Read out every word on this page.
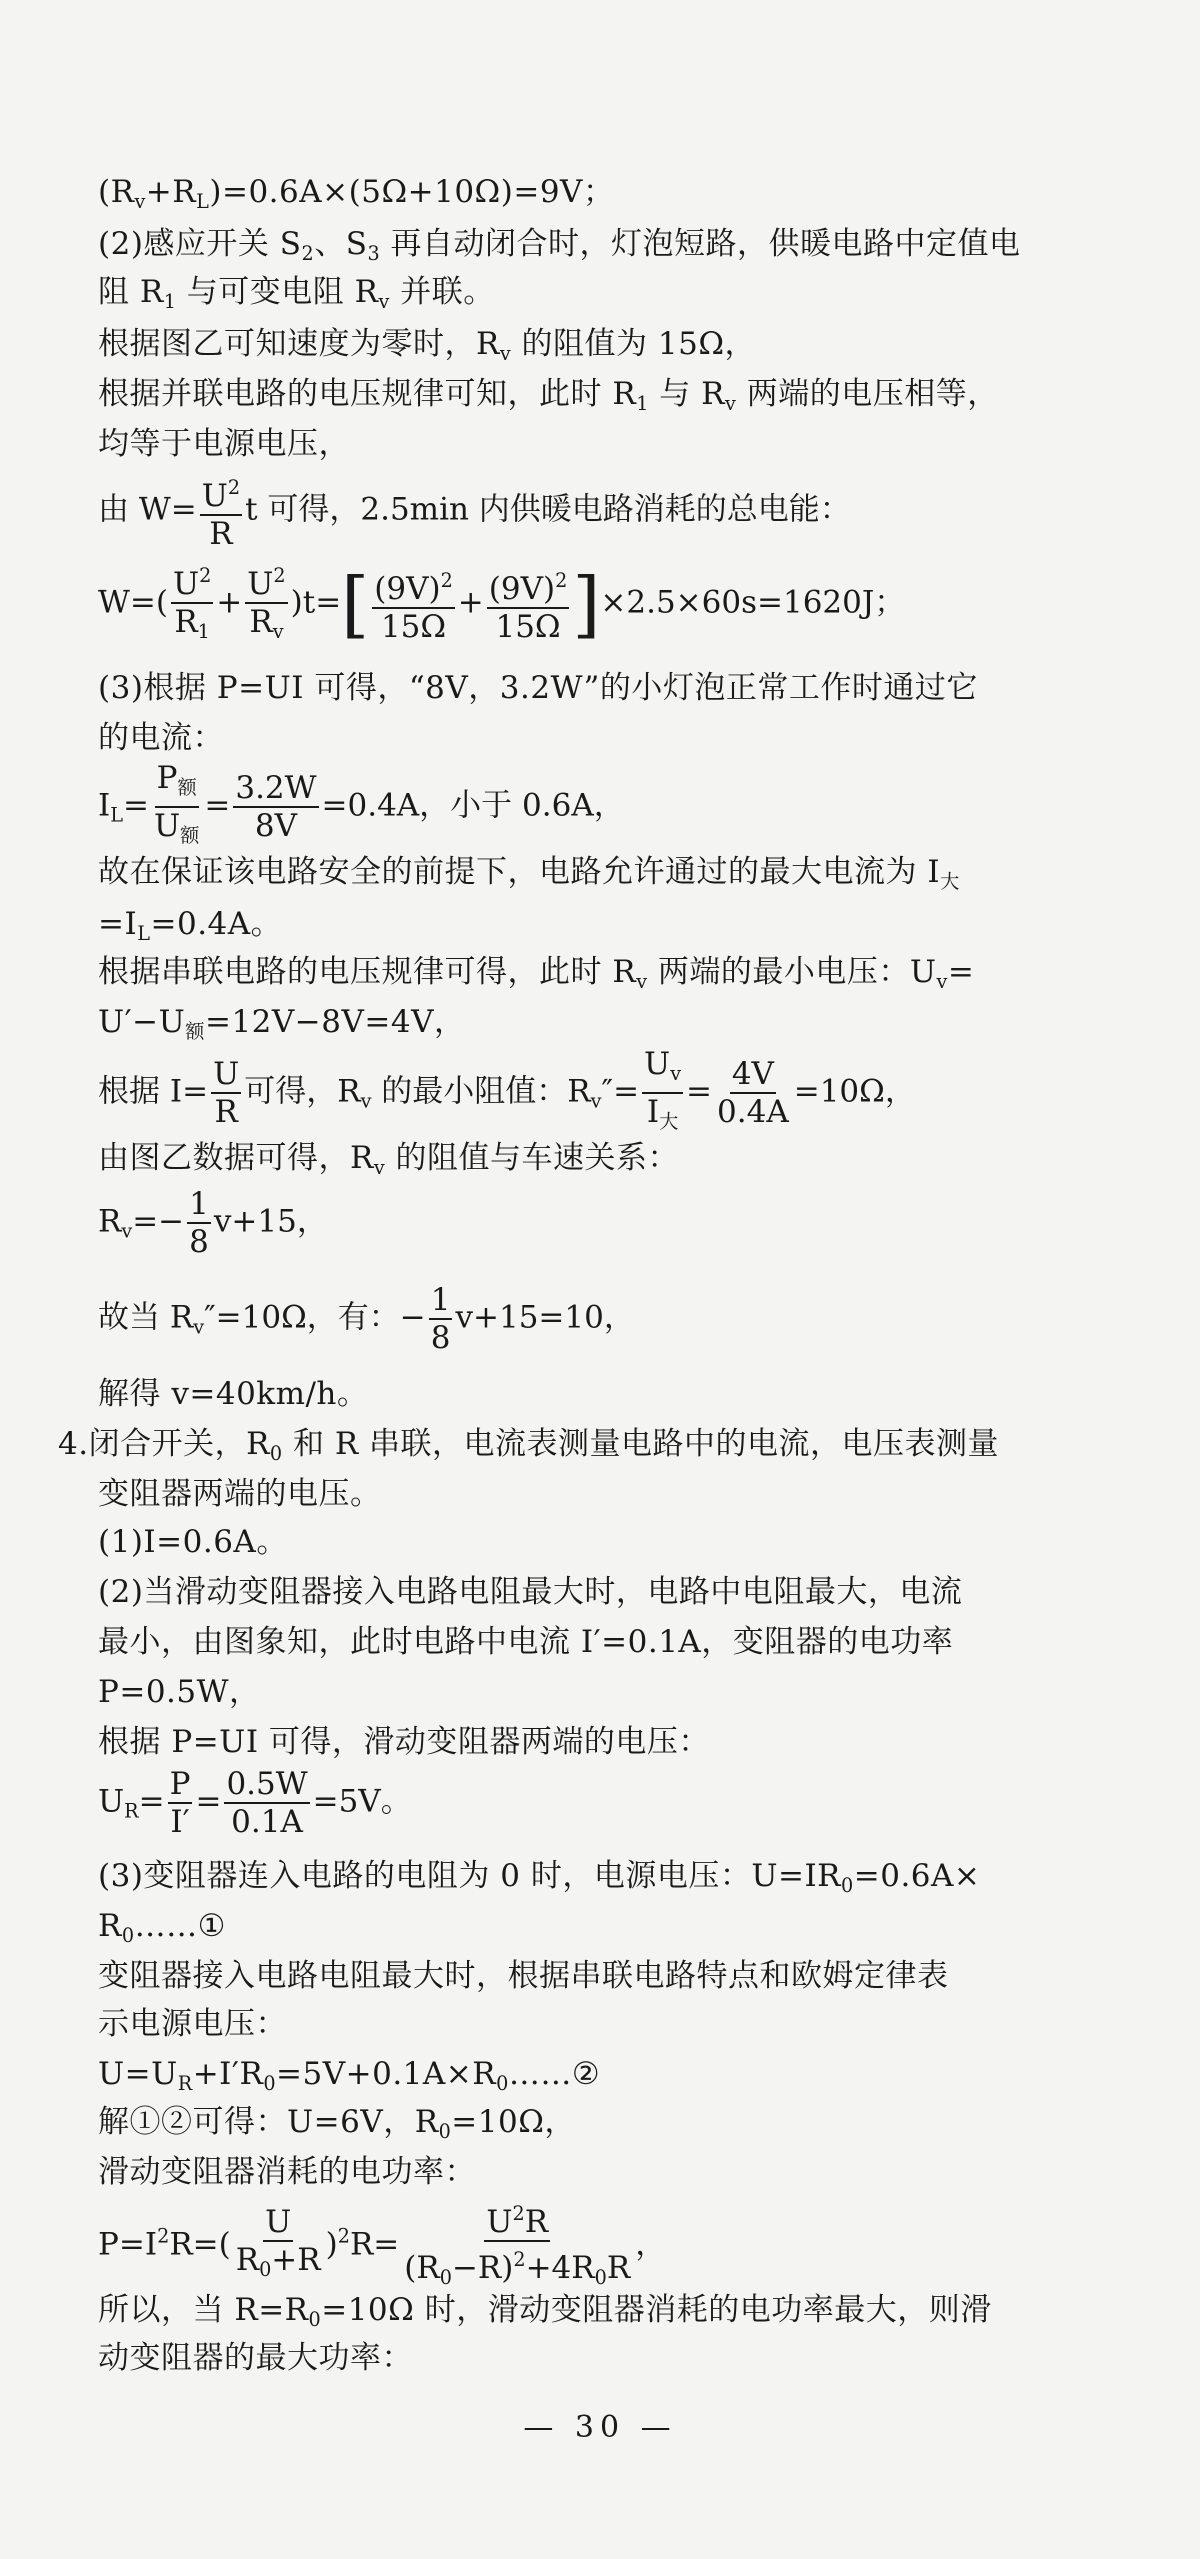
$(R_v+R_L)=0.6A\times(5\Omega+10\Omega)=9V$；
(2)感应开关 $S_2$、$S_3$ 再自动闭合时，灯泡短路，供暖电路中定值电
阻 $R_1$ 与可变电阻 $R_v$ 并联。
根据图乙可知速度为零时，$R_v$ 的阻值为 15Ω，
根据并联电路的电压规律可知，此时 $R_1$ 与 $R_v$ 两端的电压相等，
均等于电源电压，
由 $W= \frac{U^2}{R}$ t 可得，2.5min 内供暖电路消耗的总电能：
$W=( \frac{U^2}{R_1} + \frac{U^2}{R_v} )t=[ \frac{(9V)^2}{15\Omega} + \frac{(9V)^2}{15\Omega} ]\times 2.5\times 60s=1620J$；
(3)根据 P=UI 可得，“8V，3.2W”的小灯泡正常工作时通过它
的电流：
$I_L= \frac{P_额}{U_额} = \frac{3.2W}{8V} =0.4A$，小于 0.6A，
故在保证该电路安全的前提下，电路允许通过的最大电流为 $I_大$
$=I_L=0.4A$。
根据串联电路的电压规律可得，此时 $R_v$ 两端的最小电压：$U_v=$
$U'-U_额=12V-8V=4V$，
根据 $I= \frac{U}{R}$ 可得，$R_v$ 的最小阻值：$R_v''= \frac{U_v}{I_大} = \frac{4V}{0.4A} =10\Omega$，
由图乙数据可得，$R_v$ 的阻值与车速关系：
$R_v=- \frac{1}{8} v+15$，
故当 $R_v''=10\Omega$，有：− $\frac{1}{8} v+15=10$，
解得 v=40km/h。
4.闭合开关，$R_0$ 和 R 串联，电流表测量电路中的电流，电压表测量
变阻器两端的电压。
(1)I=0.6A。
(2)当滑动变阻器接入电路电阻最大时，电路中电阻最大，电流
最小，由图象知，此时电路中电流 I′=0.1A，变阻器的电功率
P=0.5W，
根据 P=UI 可得，滑动变阻器两端的电压：
$U_R= \frac{P}{I'} = \frac{0.5W}{0.1A} =5V$。
(3)变阻器连入电路的电阻为 0 时，电源电压：$U=IR_0=0.6A\times$
$R_0\dots\dots ①$
变阻器接入电路电阻最大时，根据串联电路特点和欧姆定律表
示电源电压：
$U=U_R+I'R_0=5V+0.1A\times R_0\dots\dots ②$
解①②可得：U=6V，$R_0=10\Omega$，
滑动变阻器消耗的电功率：
$P=I^2R=( \frac{U}{R_0+R} )^2R= \frac{U^2R}{(R_0-R)^2+4R_0R}$ ，
所以，当 $R=R_0=10\Omega$ 时，滑动变阻器消耗的电功率最大，则滑
动变阻器的最大功率：
— 30 —
